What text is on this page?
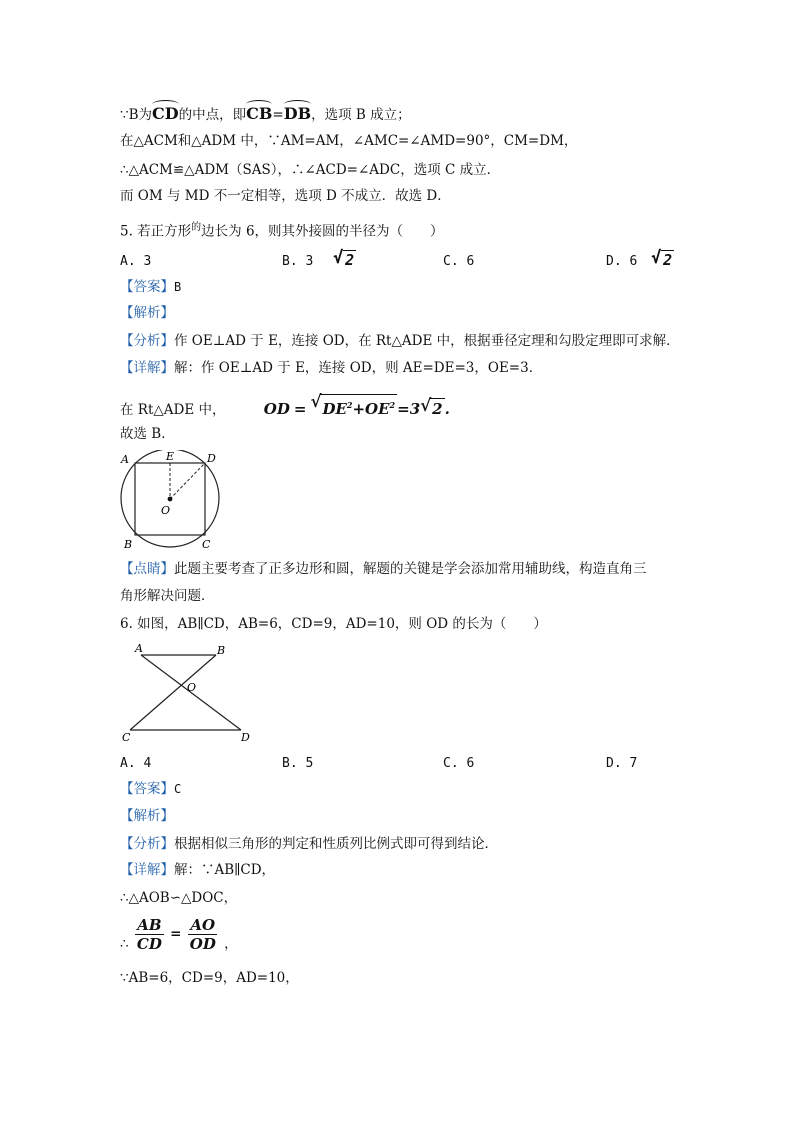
∵B为CD的中点，即CB=DB，选项 B 成立；
在△ACM和△ADM 中，∵AM=AM，∠AMC=∠AMD=90°，CM=DM，
∴△ACM≌△ADM（SAS），∴∠ACD=∠ADC，选项 C 成立．
而 OM 与 MD 不一定相等，选项 D 不成立．故选 D．
5. 若正方形$^的$边长为 6，则其外接圆的半径为（　　）
A. 3	B. 3 √ 2	C. 6	D. 6 √ 2
【答案】B
【解析】
【分析】作 OE⊥AD 于 E，连接 OD，在 Rt△ADE 中，根据垂径定理和勾股定理即可求解．
【详解】解：作 OE⊥AD 于 E，连接 OD，则 AE=DE=3，OE=3．
在 Rt△ADE 中，	OD = √ $DE^2+OE^2 =3$ √ 2 .
故选 B．
A	E	D
O
B	C
【点睛】此题主要考查了正多边形和圆，解题的关键是学会添加常用辅助线，构造直角三
角形解决问题．
6. 如图，AB∥CD，AB=6，CD=9，AD=10，则 OD 的长为（　　）
A	B
O
C	D
A. 4	B. 5	C. 6	D. 7
【答案】C
【解析】
【分析】根据相似三角形的判定和性质列比例式即可得到结论．
【详解】解：∵AB∥CD，
∴△AOB∽△DOC，
∴ $\frac{AB}{CD} = \frac{AO}{OD}$ ，
∵AB=6，CD=9，AD=10，
